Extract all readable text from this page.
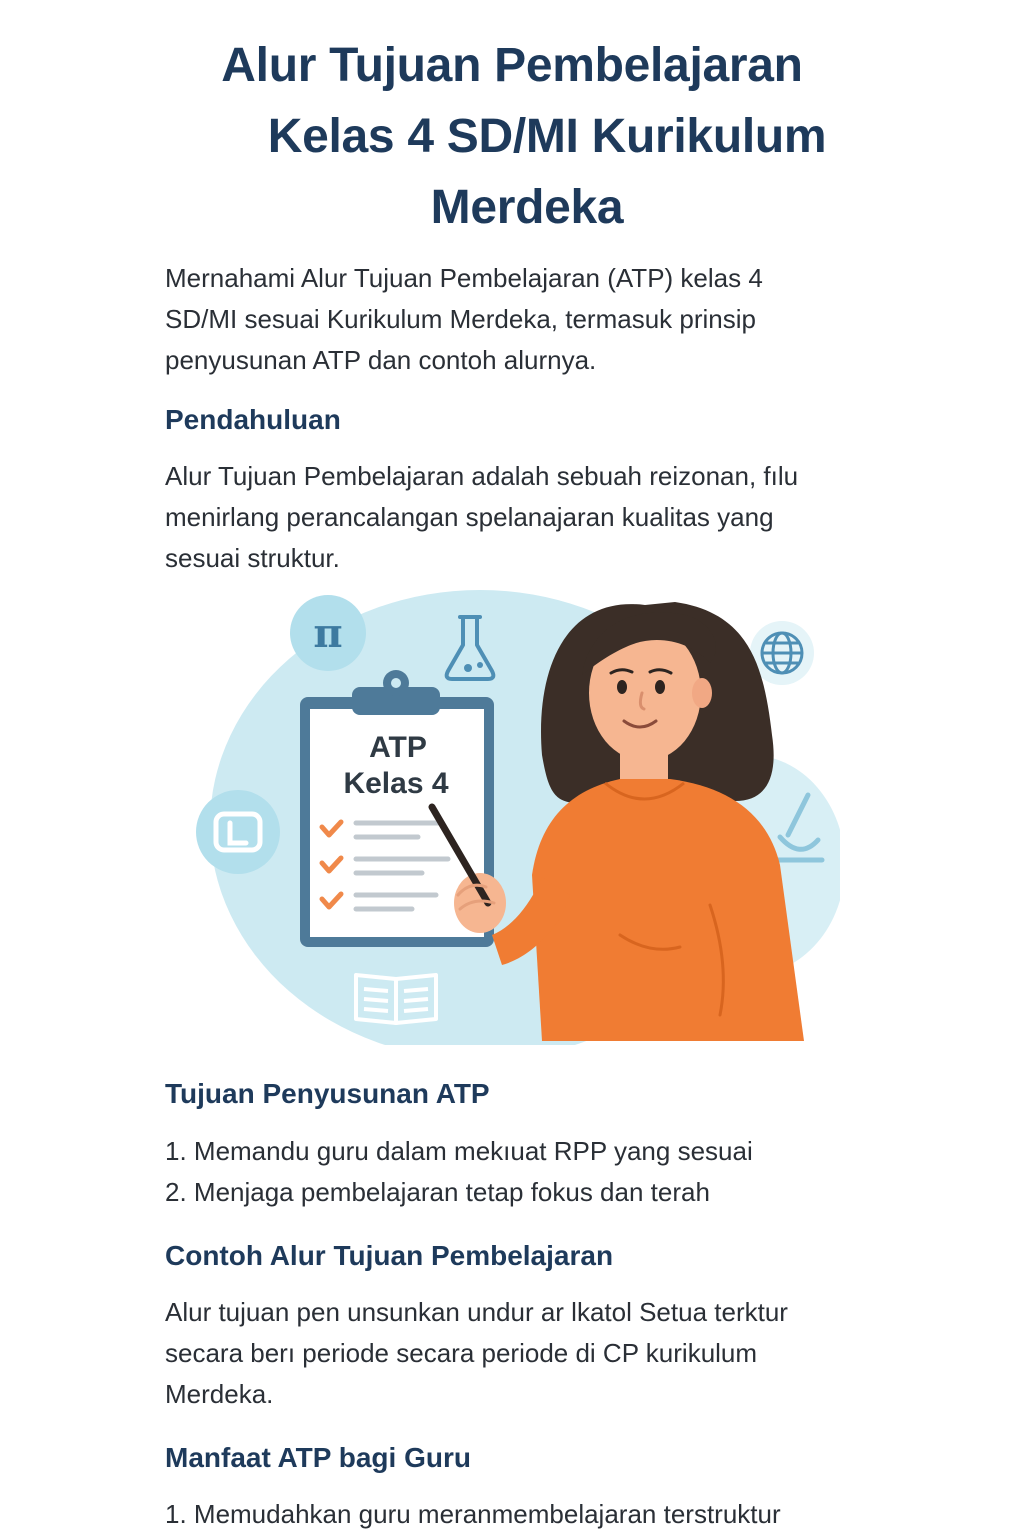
Alur Tujuan Pembelajaran
Kelas 4 SD/MI Kurikulum
Merdeka
Mernahami Alur Tujuan Pembelajaran (ATP) kelas 4
SD/MI sesuai Kurikulum Merdeka, termasuk prinsip
penyusunan ATP dan contoh alurnya.
Pendahuluan
Alur Tujuan Pembelajaran adalah sebuah reizonan, fılu
menirlang perancalangan spelanajaran kualitas yang
sesuai struktur.
π
ATP
Kelas 4
Tujuan Penyusunan ATP
1. Memandu guru dalam mekıuat RPP yang sesuai
2. Menjaga pembelajaran tetap fokus dan terah
Contoh Alur Tujuan Pembelajaran
Alur tujuan pen unsunkan undur ar lkatol Setua terktur
secara berı periode secara periode di CP kurikulum
Merdeka.
Manfaat ATP bagi Guru
1. Memudahkan guru meranmembelajaran terstruktur
